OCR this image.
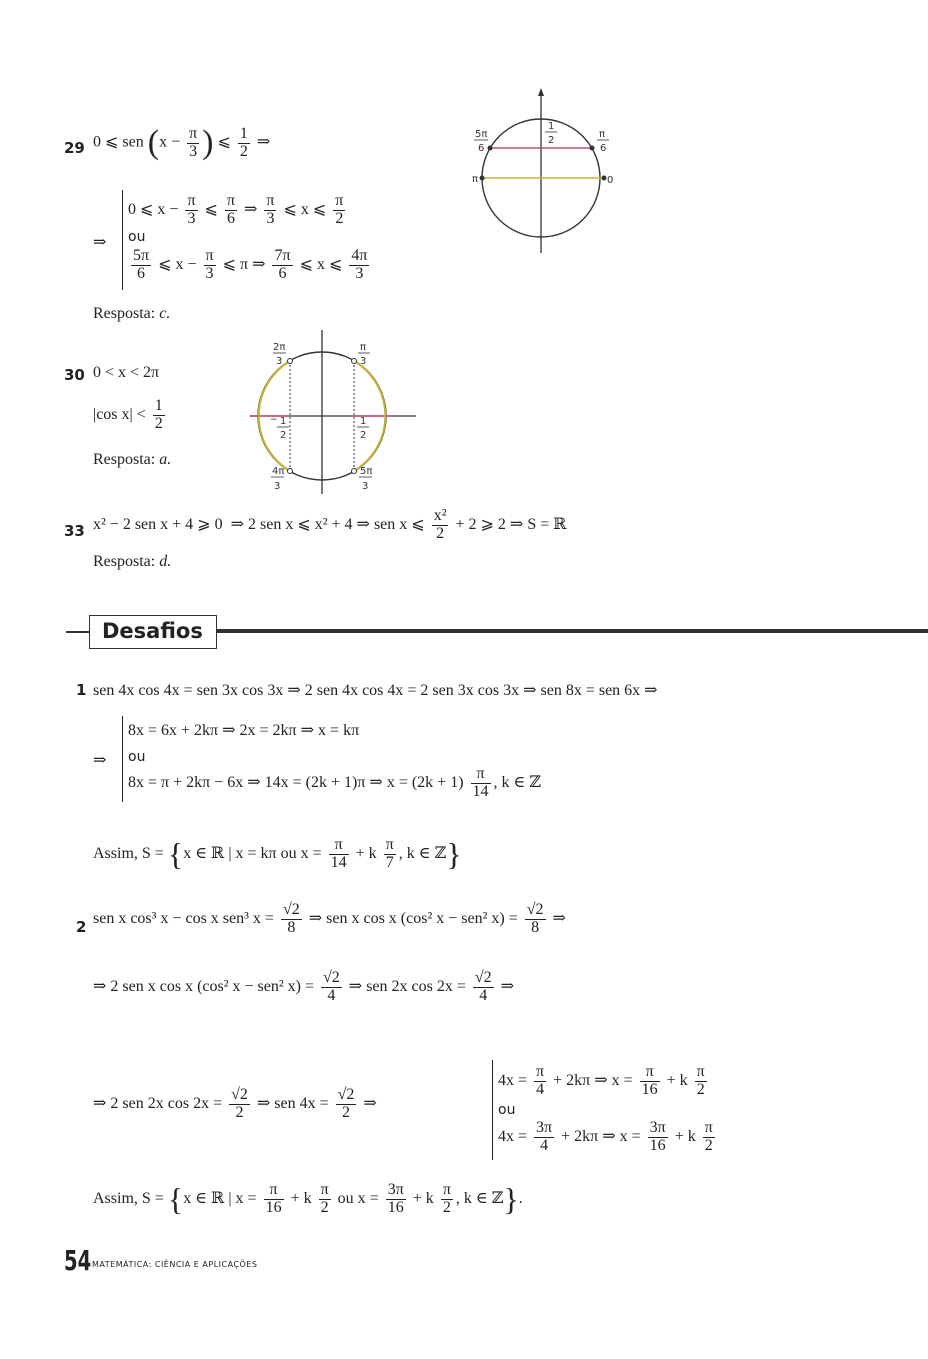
29 0 ⩽ sen ($x - \frac{\pi}{3}$ ) ⩽ $\frac{1}{2}$ ⇒
⇒
0 ⩽ $x - \frac{\pi}{3}$ ⩽ $\frac{\pi}{6}$ ⇒ $\frac{\pi}{3}$ ⩽ x ⩽ $\frac{\pi}{2}$
ou
$\frac{5\pi}{6}$ ⩽ $x - \frac{\pi}{3}$ ⩽ π ⇒ $\frac{7\pi}{6}$ ⩽ x ⩽ $\frac{4\pi}{3}$
Resposta: c.
5π
6
1
2
π
6
π	0
30 0 < x < 2π
|cos $x| < \frac{1}{2}$
Resposta: a.
2π
3
π
3
− 1
2
1
2
4π
3
5π
3
33 x² − 2 sen x + 4 ⩾ 0  ⇒ 2 sen x ⩽ x² + 4 ⇒ sen x ⩽ $\frac{\text{x²}}{2} + 2$ ⩾ 2 ⇒ S = ℝ
Resposta: d.
Desafios
1 sen 4x cos 4x = sen 3x cos 3x ⇒ 2 sen 4x cos 4x = 2 sen 3x cos 3x ⇒ sen 8x = sen 6x ⇒
⇒
8x = 6x + 2kπ ⇒ 2x = 2kπ ⇒ x = kπ
ou
8x = π + 2kπ − 6x ⇒ 14x = (2k + 1)π ⇒ $x = (2k + 1) \frac{\pi}{14}$ , k ∈ ℤ
Assim, S = {x ∈ ℝ | x = kπ ou $x = \frac{\pi}{14} + k \frac{\pi}{7}$ , k ∈ ℤ}
2 sen x cos³ x − cos x sen³ $x = \frac{√2}{8}$ ⇒ sen x cos x (cos² x − sen² $x) = \frac{√2}{8}$ ⇒
⇒ 2 sen x cos x (cos² x − sen² $x) = \frac{√2}{4}$ ⇒ sen 2x $\cos 2x = \frac{√2}{4}$ ⇒
⇒ 2 sen 2x $\cos 2x = \frac{√2}{2}$ ⇒ sen $4x = \frac{√2}{2}$ ⇒
$4x = \frac{\pi}{4} + 2k\pi$ ⇒ $x = \frac{\pi}{16} + k \frac{\pi}{2}$
ou
$4x = \frac{3\pi}{4} + 2k\pi$ ⇒ $x = \frac{3\pi}{16} + k \frac{\pi}{2}$
Assim, S = {x ∈ ℝ | $x = \frac{\pi}{16} + k \frac{\pi}{2}$ ou $x = \frac{3\pi}{16} + k \frac{\pi}{2}$ , k ∈ ℤ}.
54 MATEMÁTICA: CIÊNCIA E APLICAÇÕES
